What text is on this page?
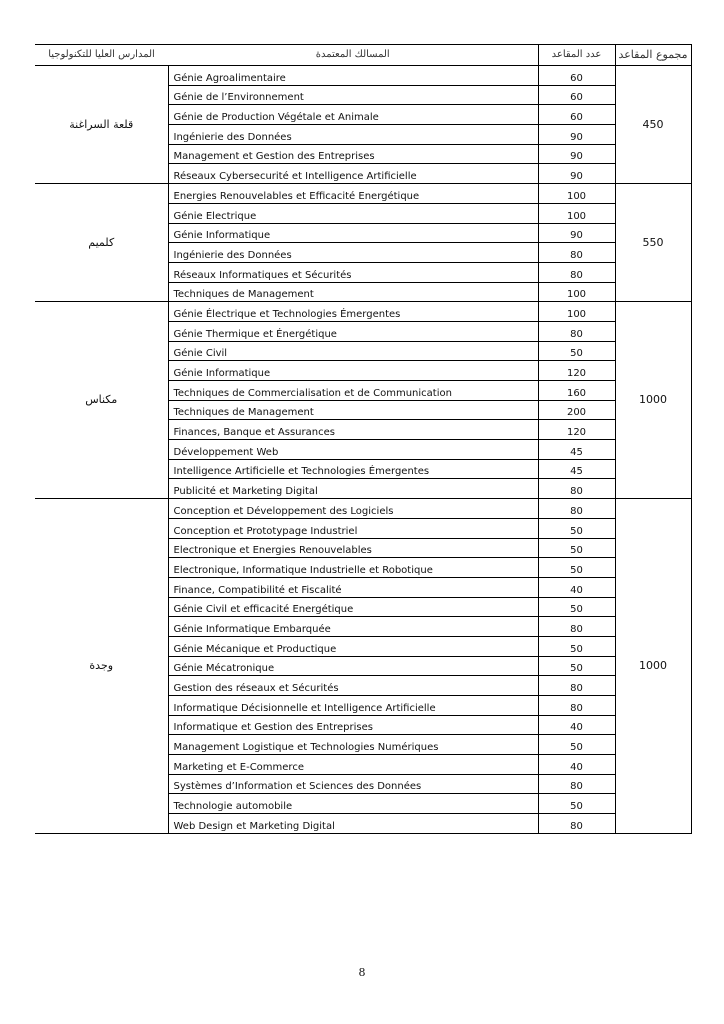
المدارس العليا للتكنولوجيا	المسالك المعتمدة	عدد المقاعد	مجموع المقاعد
قلعة السراغنة	Génie Agroalimentaire	60	450
	Génie de l’Environnement	60	
	Génie de Production Végétale et Animale	60	
	Ingénierie des Données	90	
	Management et Gestion des Entreprises	90	
	Réseaux Cybersecurité et Intelligence Artificielle	90	
كلميم	Energies Renouvelables et Efficacité Energétique	100	550
	Génie Electrique	100	
	Génie Informatique	90	
	Ingénierie des Données	80	
	Réseaux Informatiques et Sécurités	80	
	Techniques de Management	100	
مكناس	Génie Électrique et Technologies Émergentes	100	1000
	Génie Thermique et Énergétique	80	
	Génie Civil	50	
	Génie Informatique	120	
	Techniques de Commercialisation et de Communication	160	
	Techniques de Management	200	
	Finances, Banque et Assurances	120	
	Développement Web	45	
	Intelligence Artificielle et Technologies Émergentes	45	
	Publicité et Marketing Digital	80	
وجدة	Conception et Développement des Logiciels	80	1000
	Conception et Prototypage Industriel	50	
	Electronique et Energies Renouvelables	50	
	Electronique, Informatique Industrielle et Robotique	50	
	Finance, Compatibilité et Fiscalité	40	
	Génie Civil et efficacité Energétique	50	
	Génie Informatique Embarquée	80	
	Génie Mécanique et Productique	50	
	Génie Mécatronique	50	
	Gestion des réseaux et Sécurités	80	
	Informatique Décisionnelle et Intelligence Artificielle	80	
	Informatique et Gestion des Entreprises	40	
	Management Logistique et Technologies Numériques	50	
	Marketing et E-Commerce	40	
	Systèmes d’Information et Sciences des Données	80	
	Technologie automobile	50	
	Web Design et Marketing Digital	80	
8
